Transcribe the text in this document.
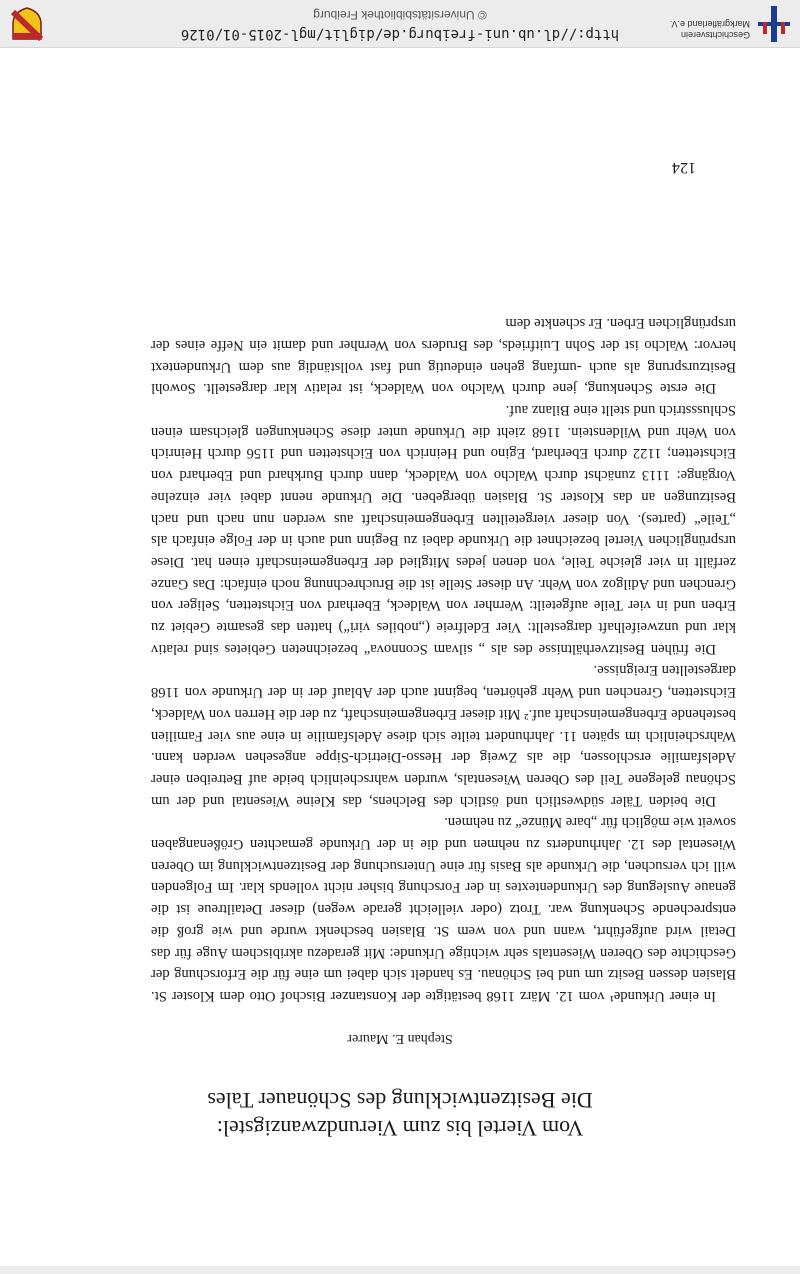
Vom Viertel bis zum Vierundzwanzigstel:
Die Besitzentwicklung des Schönauer Tales
Stephan E. Maurer

In einer Urkunde¹ vom 12. März 1168 bestätigte der Konstanzer Bischof Otto dem Kloster St. Blasien dessen Besitz um und bei Schönau. Es handelt sich dabei um eine für die Erforschung der Geschichte des Oberen Wiesentals sehr wichtige Urkunde: Mit geradezu akribischem Auge für das Detail wird aufgeführt, wann und von wem St. Blasien beschenkt wurde und wie groß die entsprechende Schenkung war. Trotz (oder vielleicht gerade wegen) dieser Detailtreue ist die genaue Auslegung des Urkundentextes in der Forschung bisher nicht vollends klar. Im Folgenden will ich versuchen, die Urkunde als Basis für eine Untersuchung der Besitzentwicklung im Oberen Wiesental des 12. Jahrhunderts zu nehmen und die in der Urkunde gemachten Größenangaben soweit wie möglich für „bare Münze“ zu nehmen.

Die beiden Täler südwestlich und östlich des Belchens, das Kleine Wiesental und der um Schönau gelegene Teil des Oberen Wiesentals, wurden wahrscheinlich beide auf Betreiben einer Adelsfamilie erschlossen, die als Zweig der Hesso-Dietrich-Sippe angesehen werden kann. Wahrscheinlich im späten 11. Jahrhundert teilte sich diese Adelsfamilie in eine aus vier Familien bestehende Erbengemeinschaft auf.² Mit dieser Erbengemeinschaft, zu der die Herren von Waldeck, Eichstetten, Grenchen und Wehr gehörten, beginnt auch der Ablauf der in der Urkunde von 1168 dargestellten Ereignisse.

Die frühen Besitzverhältnisse des als „ silvam Sconnova“ bezeichneten Gebietes sind relativ klar und unzweifelhaft dargestellt: Vier Edelfreie („nobiles viri“) hatten das gesamte Gebiet zu Erben und in vier Teile aufgeteilt: Wernher von Waldeck, Eberhard von Eichstetten, Seliger von Grenchen und Adilgoz von Wehr. An dieser Stelle ist die Bruchrechnung noch einfach: Das Ganze zerfällt in vier gleiche Teile, von denen jedes Mitglied der Erbengemeinschaft einen hat. Diese ursprünglichen Viertel bezeichnet die Urkunde dabei zu Beginn und auch in der Folge einfach als „Teile“ (partes). Von dieser viergeteilten Erbengemeinschaft aus werden nun nach und nach Besitzungen an das Kloster St. Blasien übergeben. Die Urkunde nennt dabei vier einzelne Vorgänge: 1113 zunächst durch Walcho von Waldeck, dann durch Burkhard und Eberhard von Eichstetten; 1122 durch Eberhard, Egino und Heinrich von Eichstetten und 1156 durch Heinrich von Wehr und Wildenstein. 1168 zieht die Urkunde unter diese Schenkungen gleichsam einen Schlussstrich und stellt eine Bilanz auf.

Die erste Schenkung, jene durch Walcho von Waldeck, ist relativ klar dargestellt. Sowohl Besitzursprung als auch -umfang gehen eindeutig und fast vollständig aus dem Urkundentext hervor: Walcho ist der Sohn Luitfrieds, des Bruders von Wernher und damit ein Neffe eines der ursprünglichen Erben. Er schenkte dem

124
http://dl.ub.uni-freiburg.de/diglit/mgl-2015-01/0126
© Universitätsbibliothek Freiburg
Geschichtsverein
Markgräflerland e.V.
